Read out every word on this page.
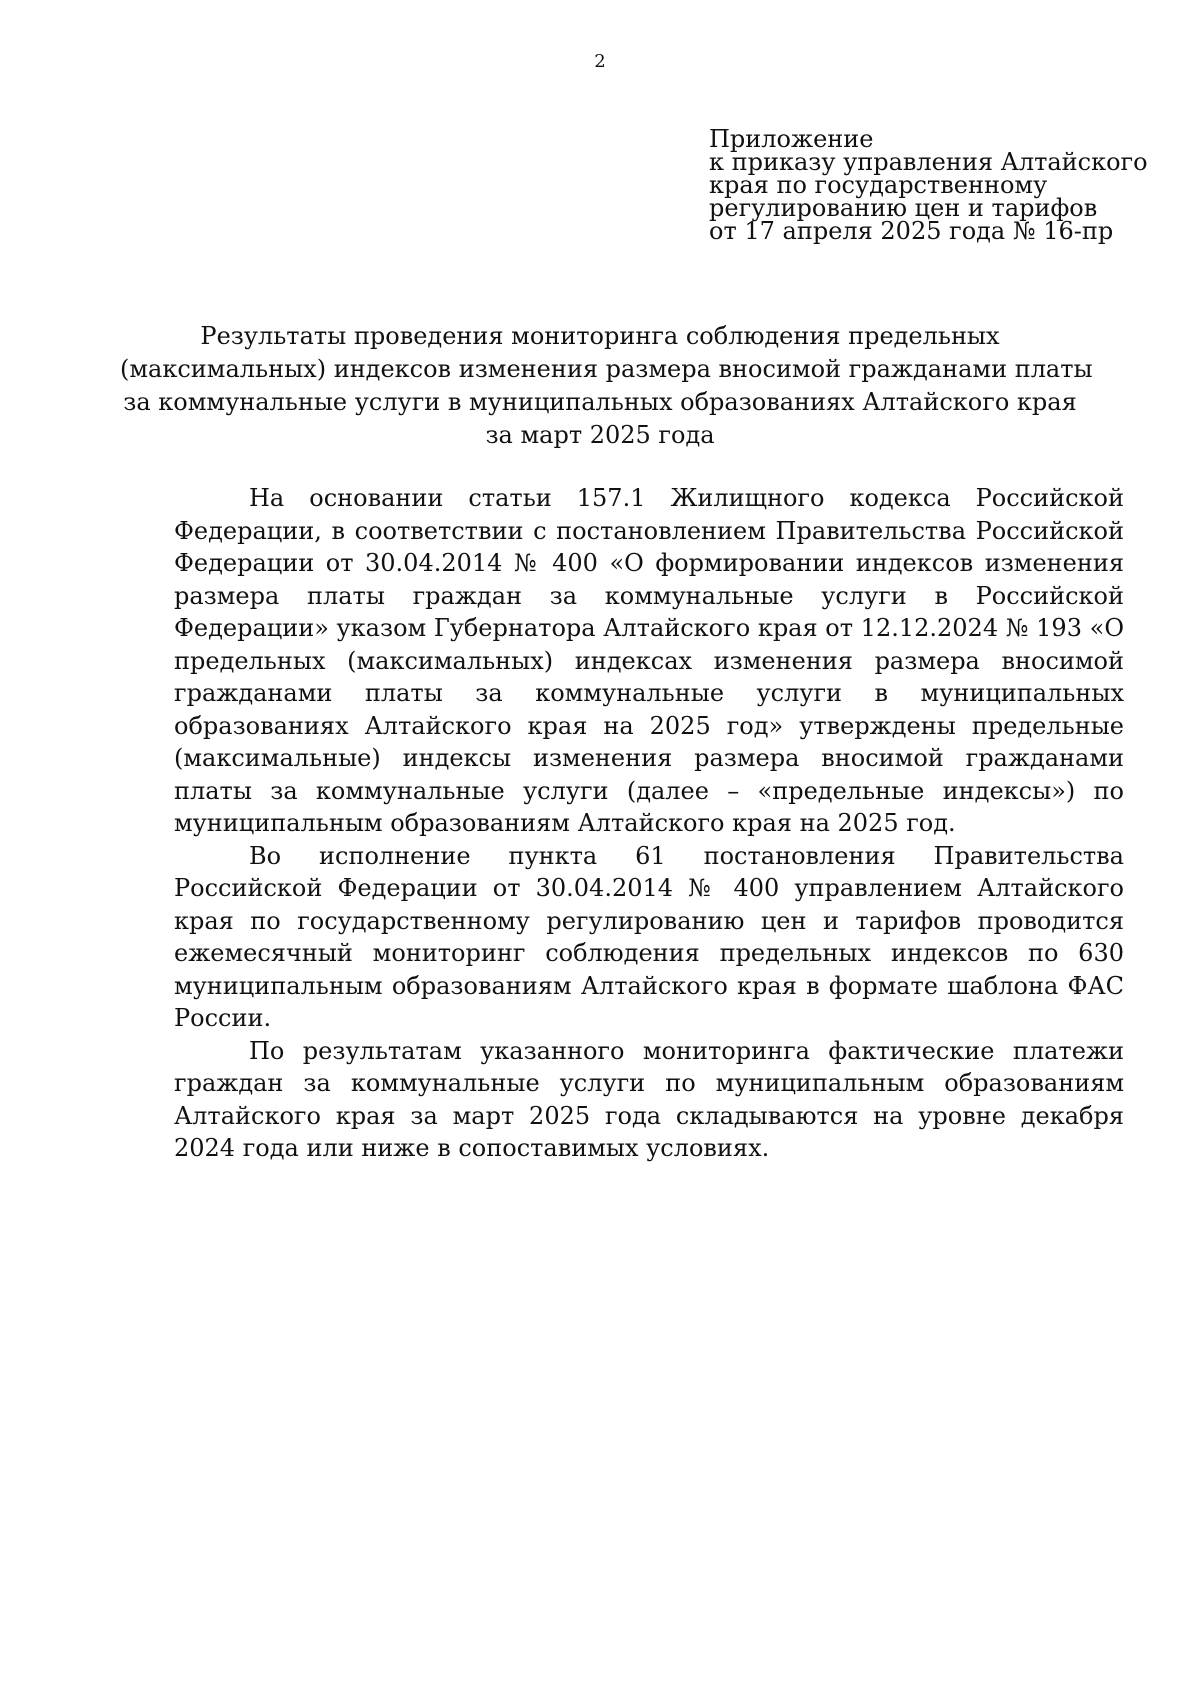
2
Приложение
к приказу управления Алтайского
края по государственному
регулированию цен и тарифов
от 17 апреля 2025 года № 16-пр
Результаты проведения мониторинга соблюдения предельных
(максимальных) индексов изменения размера вносимой гражданами платы
за коммунальные услуги в муниципальных образованиях Алтайского края
за март 2025 года

На основании статьи 157.1 Жилищного кодекса Российской Федерации, в соответствии с постановлением Правительства Российской Федерации от 30.04.2014 № 400 «О формировании индексов изменения размера платы граждан за коммунальные услуги в Российской Федерации» указом Губернатора Алтайского края от 12.12.2024 № 193 «О предельных (максимальных) индексах изменения размера вносимой гражданами платы за коммунальные услуги в муниципальных образованиях Алтайского края на 2025 год» утверждены предельные (максимальные) индексы изменения размера вносимой гражданами платы за коммунальные услуги (далее – «предельные индексы») по муниципальным образованиям Алтайского края на 2025 год.

Во исполнение пункта 61 постановления Правительства Российской Федерации от 30.04.2014 № 400 управлением Алтайского края по государственному регулированию цен и тарифов проводится ежемесячный мониторинг соблюдения предельных индексов по 630 муниципальным образованиям Алтайского края в формате шаблона ФАС России.

По результатам указанного мониторинга фактические платежи граждан за коммунальные услуги по муниципальным образованиям Алтайского края за март 2025 года складываются на уровне декабря 2024 года или ниже в сопоставимых условиях.
